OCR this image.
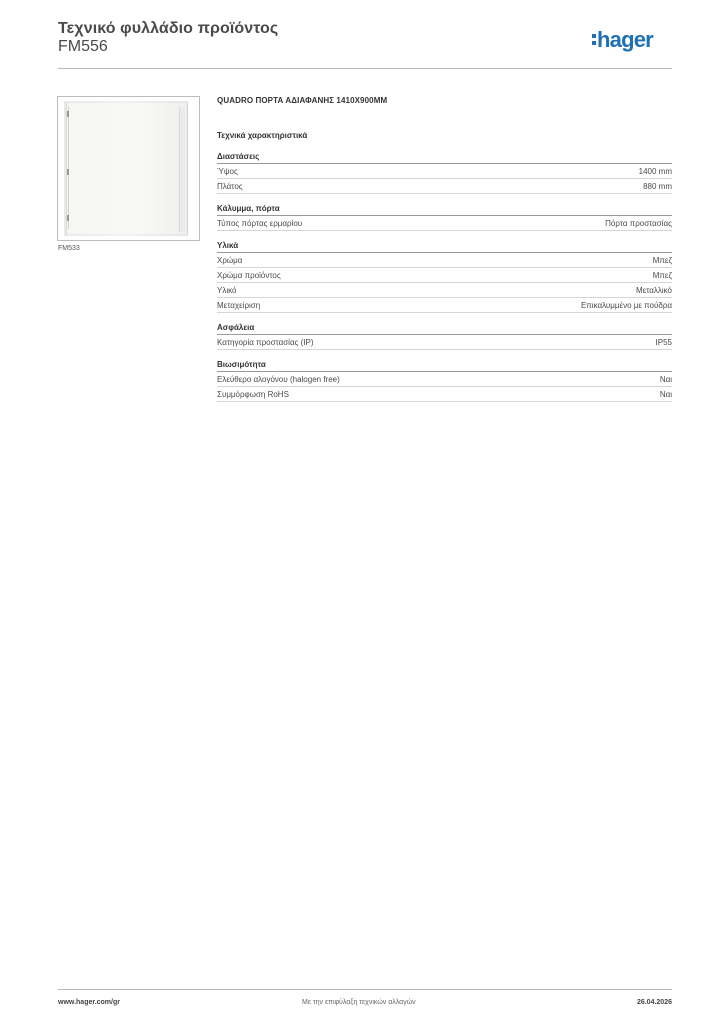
Τεχνικό φυλλάδιο προϊόντος
FM556	hager
FM533
QUADRO ΠΟΡΤΑ ΑΔΙΑΦΑΝΗΣ 1410X900MM
Τεχνικά χαρακτηριστικά
Διαστάσεις
Ύψος	1400 mm
Πλάτος	880 mm
Κάλυμμα, πόρτα
Τύπος πόρτας ερμαρίου	Πόρτα προστασίας
Υλικά
Χρώμα	Μπεζ
Χρώμα προϊόντος	Μπεζ
Υλικό	Μεταλλικό
Μεταχείριση	Επικαλυμμένο με πούδρα
Ασφάλεια
Κατηγορία προστασίας (IP)	IP55
Βιωσιμότητα
Ελεύθερο αλογόνου (halogen free)	Ναι
Συμμόρφωση RoHS	Ναι
www.hager.com/gr	Με την επιφύλαξη τεχνικών αλλαγών	26.04.2026
